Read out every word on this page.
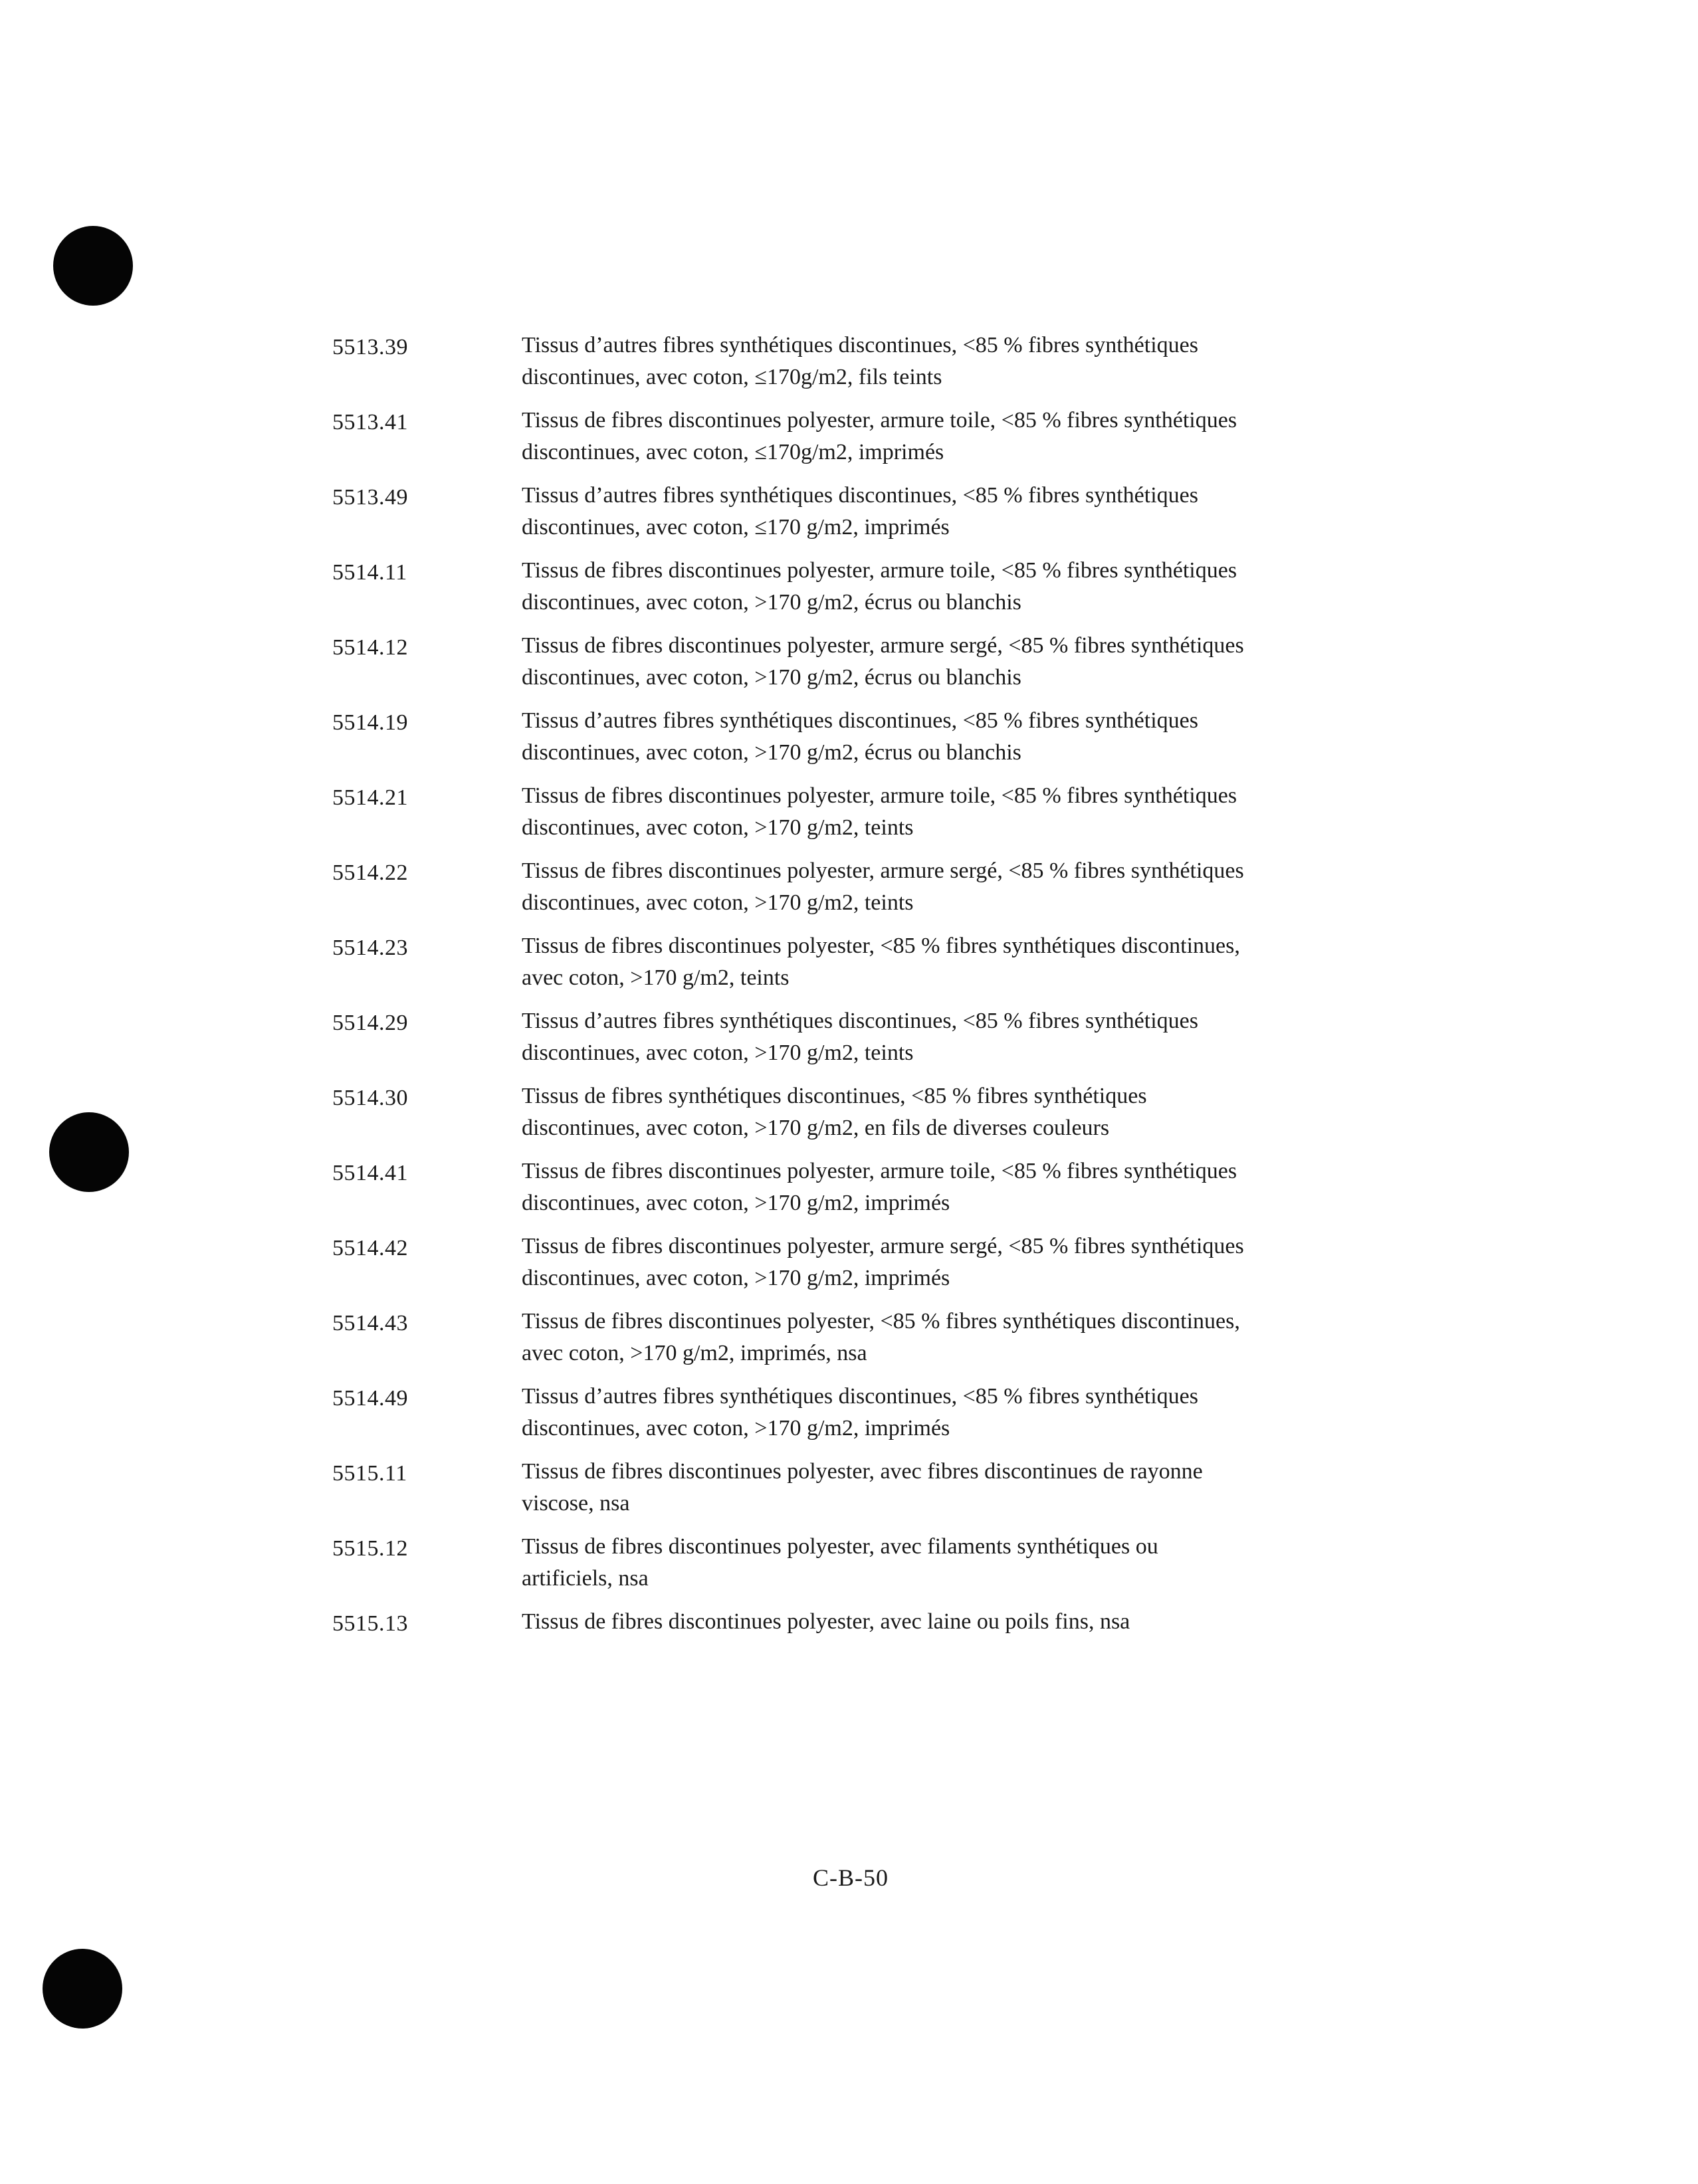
5513.39	Tissus d’autres fibres synthétiques discontinues, <85 % fibres synthétiques
discontinues, avec coton, ≤170g/m2, fils teints
5513.41	Tissus de fibres discontinues polyester, armure toile, <85 % fibres synthétiques
discontinues, avec coton, ≤170g/m2, imprimés
5513.49	Tissus d’autres fibres synthétiques discontinues, <85 % fibres synthétiques
discontinues, avec coton, ≤170 g/m2, imprimés
5514.11	Tissus de fibres discontinues polyester, armure toile, <85 % fibres synthétiques
discontinues, avec coton, >170 g/m2, écrus ou blanchis
5514.12	Tissus de fibres discontinues polyester, armure sergé, <85 % fibres synthétiques
discontinues, avec coton, >170 g/m2, écrus ou blanchis
5514.19	Tissus d’autres fibres synthétiques discontinues, <85 % fibres synthétiques
discontinues, avec coton, >170 g/m2, écrus ou blanchis
5514.21	Tissus de fibres discontinues polyester, armure toile, <85 % fibres synthétiques
discontinues, avec coton, >170 g/m2, teints
5514.22	Tissus de fibres discontinues polyester, armure sergé, <85 % fibres synthétiques
discontinues, avec coton, >170 g/m2, teints
5514.23	Tissus de fibres discontinues polyester, <85 % fibres synthétiques discontinues,
avec coton, >170 g/m2, teints
5514.29	Tissus d’autres fibres synthétiques discontinues, <85 % fibres synthétiques
discontinues, avec coton, >170 g/m2, teints
5514.30	Tissus de fibres synthétiques discontinues, <85 % fibres synthétiques
discontinues, avec coton, >170 g/m2, en fils de diverses couleurs
5514.41	Tissus de fibres discontinues polyester, armure toile, <85 % fibres synthétiques
discontinues, avec coton, >170 g/m2, imprimés
5514.42	Tissus de fibres discontinues polyester, armure sergé, <85 % fibres synthétiques
discontinues, avec coton, >170 g/m2, imprimés
5514.43	Tissus de fibres discontinues polyester, <85 % fibres synthétiques discontinues,
avec coton, >170 g/m2, imprimés, nsa
5514.49	Tissus d’autres fibres synthétiques discontinues, <85 % fibres synthétiques
discontinues, avec coton, >170 g/m2, imprimés
5515.11	Tissus de fibres discontinues polyester, avec fibres discontinues de rayonne
viscose, nsa
5515.12	Tissus de fibres discontinues polyester, avec filaments synthétiques ou
artificiels, nsa
5515.13	Tissus de fibres discontinues polyester, avec laine ou poils fins, nsa
C-B-50
